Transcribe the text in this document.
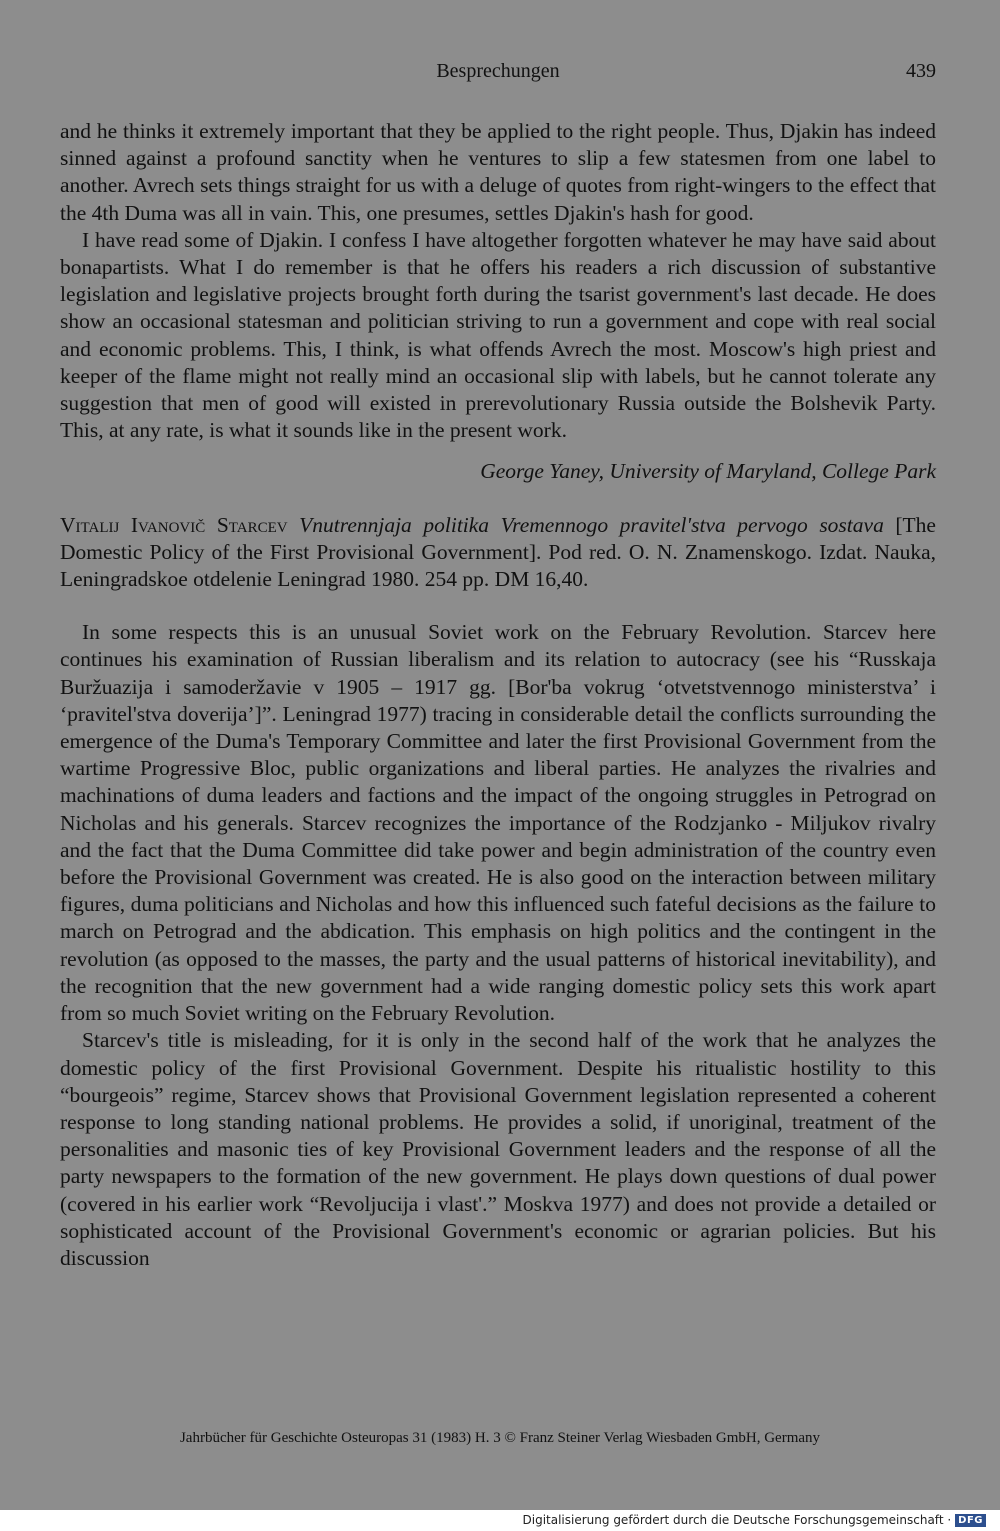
Besprechungen	439

and he thinks it extremely important that they be applied to the right people. Thus, Djakin has indeed sinned against a profound sanctity when he ventures to slip a few statesmen from one label to another. Avrech sets things straight for us with a deluge of quotes from right-wingers to the effect that the 4th Duma was all in vain. This, one presumes, settles Djakin's hash for good.

I have read some of Djakin. I confess I have altogether forgotten whatever he may have said about bonapartists. What I do remember is that he offers his readers a rich discussion of substantive legislation and legislative projects brought forth during the tsarist government's last decade. He does show an occasional statesman and politician striving to run a government and cope with real social and economic problems. This, I think, is what offends Avrech the most. Moscow's high priest and keeper of the flame might not really mind an occasional slip with labels, but he cannot tolerate any suggestion that men of good will existed in prerevolutionary Russia outside the Bolshevik Party. This, at any rate, is what it sounds like in the present work.

George Yaney, University of Maryland, College Park

Vitalij Ivanovič Starcev Vnutrennjaja politika Vremennogo pravitel'stva pervogo sostava [The Domestic Policy of the First Provisional Government]. Pod red. O. N. Znamenskogo. Izdat. Nauka, Leningradskoe otdelenie Leningrad 1980. 254 pp. DM 16,40.

In some respects this is an unusual Soviet work on the February Revolution. Starcev here continues his examination of Russian liberalism and its relation to autocracy (see his “Russkaja Buržuazija i samoderžavie v 1905 – 1917 gg. [Bor'ba vokrug ‘otvetstvennogo ministerstva’ i ‘pravitel'stva doverija’]”. Leningrad 1977) tracing in considerable detail the conflicts surrounding the emergence of the Duma's Temporary Committee and later the first Provisional Government from the wartime Progressive Bloc, public organizations and liberal parties. He analyzes the rivalries and machinations of duma leaders and factions and the impact of the ongoing struggles in Petrograd on Nicholas and his generals. Starcev recognizes the importance of the Rodzjanko - Miljukov rivalry and the fact that the Duma Committee did take power and begin administration of the country even before the Provisional Government was created. He is also good on the interaction between military figures, duma politicians and Nicholas and how this influenced such fateful decisions as the failure to march on Petrograd and the abdication. This emphasis on high politics and the contingent in the revolution (as opposed to the masses, the party and the usual patterns of historical inevitability), and the recognition that the new government had a wide ranging domestic policy sets this work apart from so much Soviet writing on the February Revolution.

Starcev's title is misleading, for it is only in the second half of the work that he analyzes the domestic policy of the first Provisional Government. Despite his ritualistic hostility to this “bourgeois” regime, Starcev shows that Provisional Government legislation represented a coherent response to long standing national problems. He provides a solid, if unoriginal, treatment of the personalities and masonic ties of key Provisional Government leaders and the response of all the party newspapers to the formation of the new government. He plays down questions of dual power (covered in his earlier work “Revoljucija i vlast'.” Moskva 1977) and does not provide a detailed or sophisticated account of the Provisional Government's economic or agrarian policies. But his discussion

Jahrbücher für Geschichte Osteuropas 31 (1983) H. 3 © Franz Steiner Verlag Wiesbaden GmbH, Germany
Digitalisierung gefördert durch die Deutsche Forschungsgemeinschaft · DFG
